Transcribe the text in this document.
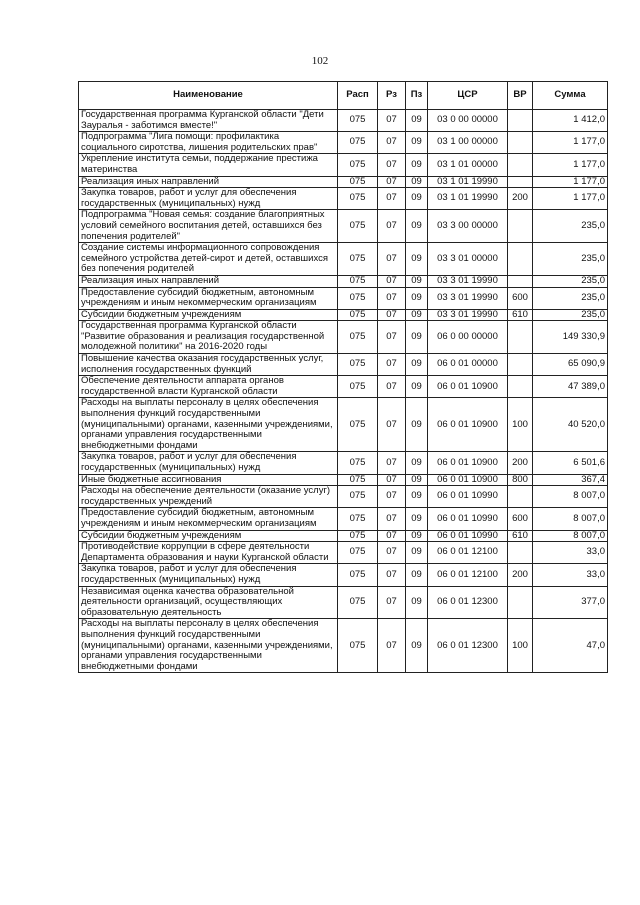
102
Наименование	Расп	Рз	Пз	ЦСР	ВР	Сумма
Государственная программа Курганской области "Дети Зауралья - заботимся вместе!"	075	07	09	03 0 00 00000		1 412,0
Подпрограмма "Лига помощи: профилактика социального сиротства, лишения родительских прав"	075	07	09	03 1 00 00000		1 177,0
Укрепление института семьи, поддержание престижа материнства	075	07	09	03 1 01 00000		1 177,0
Реализация иных направлений	075	07	09	03 1 01 19990		1 177,0
Закупка товаров, работ и услуг для обеспечения государственных (муниципальных) нужд	075	07	09	03 1 01 19990	200	1 177,0
Подпрограмма "Новая семья: создание благоприятных условий семейного воспитания детей, оставшихся без попечения родителей"	075	07	09	03 3 00 00000		235,0
Создание системы информационного сопровождения семейного устройства детей-сирот и детей, оставшихся без попечения родителей	075	07	09	03 3 01 00000		235,0
Реализация иных направлений	075	07	09	03 3 01 19990		235,0
Предоставление субсидий бюджетным, автономным учреждениям и иным некоммерческим организациям	075	07	09	03 3 01 19990	600	235,0
Субсидии бюджетным учреждениям	075	07	09	03 3 01 19990	610	235,0
Государственная программа Курганской области "Развитие образования и реализация государственной молодежной политики" на 2016-2020 годы	075	07	09	06 0 00 00000		149 330,9
Повышение качества оказания государственных услуг, исполнения государственных функций	075	07	09	06 0 01 00000		65 090,9
Обеспечение деятельности аппарата органов государственной власти Курганской области	075	07	09	06 0 01 10900		47 389,0
Расходы на выплаты персоналу в целях обеспечения выполнения функций государственными (муниципальными) органами, казенными учреждениями, органами управления государственными внебюджетными фондами	075	07	09	06 0 01 10900	100	40 520,0
Закупка товаров, работ и услуг для обеспечения государственных (муниципальных) нужд	075	07	09	06 0 01 10900	200	6 501,6
Иные бюджетные ассигнования	075	07	09	06 0 01 10900	800	367,4
Расходы на обеспечение деятельности (оказание услуг) государственных учреждений	075	07	09	06 0 01 10990		8 007,0
Предоставление субсидий бюджетным, автономным учреждениям и иным некоммерческим организациям	075	07	09	06 0 01 10990	600	8 007,0
Субсидии бюджетным учреждениям	075	07	09	06 0 01 10990	610	8 007,0
Противодействие коррупции в сфере деятельности Департамента образования и науки Курганской области	075	07	09	06 0 01 12100		33,0
Закупка товаров, работ и услуг для обеспечения государственных (муниципальных) нужд	075	07	09	06 0 01 12100	200	33,0
Независимая оценка качества образовательной деятельности организаций, осуществляющих образовательную деятельность	075	07	09	06 0 01 12300		377,0
Расходы на выплаты персоналу в целях обеспечения выполнения функций государственными (муниципальными) органами, казенными учреждениями, органами управления государственными внебюджетными фондами	075	07	09	06 0 01 12300	100	47,0
